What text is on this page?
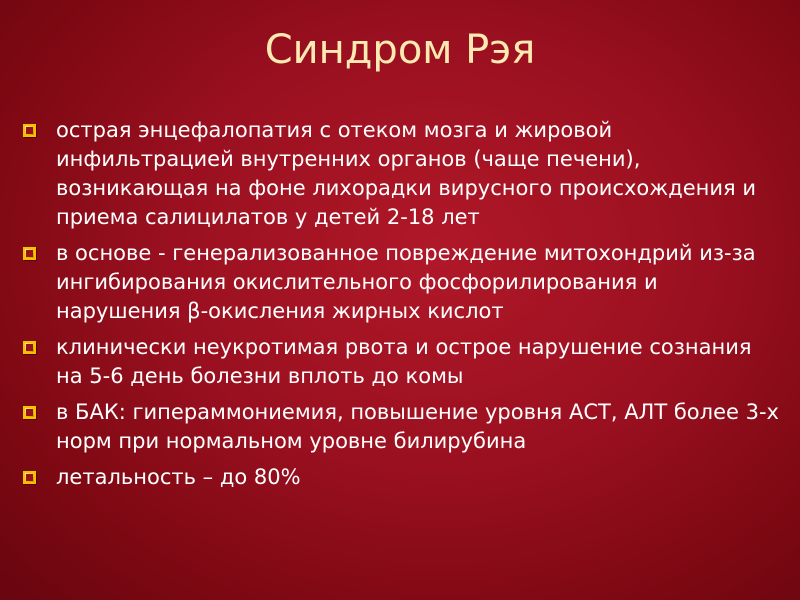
Синдром Рэя
острая энцефалопатия с отеком мозга и жировой инфильтрацией внутренних органов (чаще печени), возникающая на фоне лихорадки вирусного происхождения и приема салицилатов у детей 2-18 лет
в основе - генерализованное повреждение митохондрий из-за ингибирования окислительного фосфорилирования и нарушения β-окисления жирных кислот
клинически неукротимая рвота и острое нарушение сознания на 5-6 день болезни вплоть до комы
в БАК: гипераммониемия, повышение уровня АСТ, АЛТ более 3-х норм при нормальном уровне билирубина
летальность – до 80%
